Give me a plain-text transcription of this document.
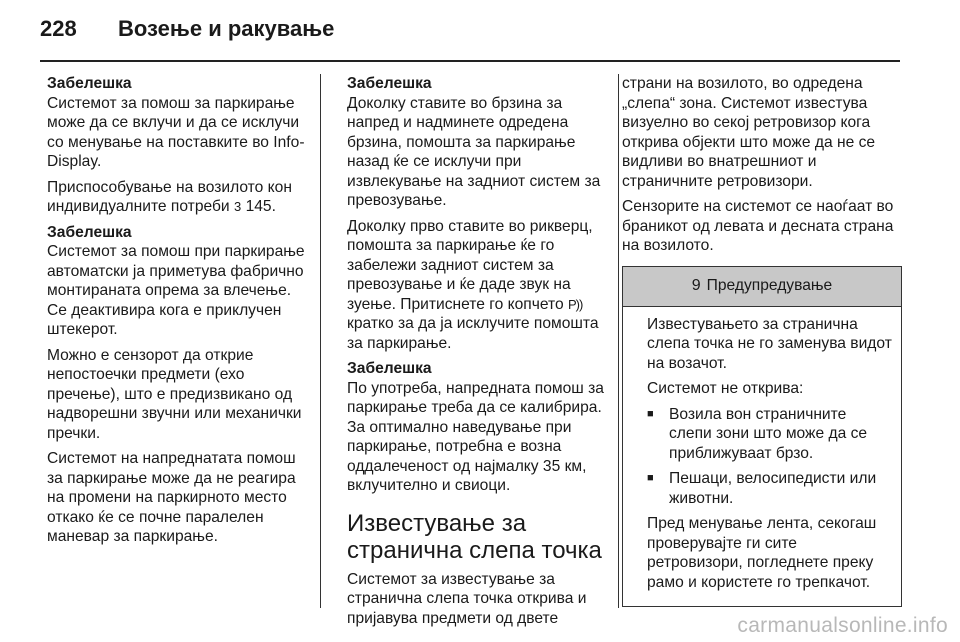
228	Возење и ракување

Забелешка

Системот за помош за паркирање може да се вклучи и да се исклучи со менување на поставките во Info-Display.

Приспособување на возилото кон индивидуалните потреби 3 145.

Забелешка

Системот за помош при паркирање автоматски ја приметува фабрично монтираната опрема за влечење. Се деактивира кога е приклучен штекерот.

Можно е сензорот да открие непостоечки предмети (ехо пречење), што е предизвикано од надворешни звучни или механички пречки.

Системот на напреднатата помош за паркирање може да не реагира на промени на паркирното место откако ќе се почне паралелен маневар за паркирање.

Забелешка

Доколку ставите во брзина за напред и надминете одредена брзина, помошта за паркирање назад ќе се исклучи при извлекување на задниот систем за превозување.

Доколку прво ставите во рикверц, помошта за паркирање ќе го забележи задниот систем за превозување и ќе даде звук на зуење. Притиснете го копчето P)) кратко за да ја исклучите помошта за паркирање.

Забелешка

По употреба, напредната помош за паркирање треба да се калибрира. За оптимално наведување при паркирање, потребна е возна оддалеченост од најмалку 35 км, вклучително и свиоци.

Известување за странична слепа точка

Системот за известување за странична слепа точка открива и пријавува предмети од двете

страни на возилото, во одредена „слепа“ зона. Системот известува визуелно во секој ретровизор кога открива објекти што може да не се видливи во внатрешниот и страничните ретровизори.

Сензорите на системот се наоѓаат во браникот од левата и десната страна на возилото.

9 Предупредување

Известувањето за странична слепа точка не го заменува видот на возачот.

Системот не открива:

■ Возила вон страничните слепи зони што може да се приближуваат брзо.
■ Пешаци, велосипедисти или животни.

Пред менување лента, секогаш проверувајте ги сите ретровизори, погледнете преку рамо и користете го трепкачот.

carmanualsonline.info
